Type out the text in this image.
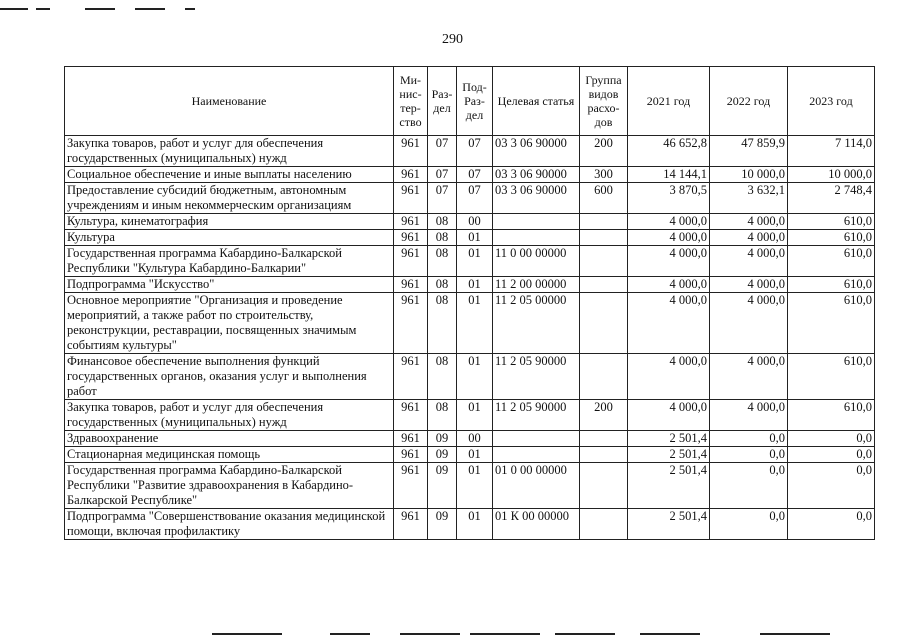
290
Наименование	Ми-нис-тер-ство	Раз-дел	Под-Раз-дел	Целевая статья	Группа видов расхо-дов	2021 год	2022 год	2023 год
Закупка товаров, работ и услуг для обеспечения государственных (муниципальных) нужд	961	07	07	03 3 06 90000	200	46 652,8	47 859,9	7 114,0
Социальное обеспечение и иные выплаты населению	961	07	07	03 3 06 90000	300	14 144,1	10 000,0	10 000,0
Предоставление субсидий бюджетным, автономным учреждениям и иным некоммерческим организациям	961	07	07	03 3 06 90000	600	3 870,5	3 632,1	2 748,4
Культура, кинематография	961	08	00			4 000,0	4 000,0	610,0
Культура	961	08	01			4 000,0	4 000,0	610,0
Государственная программа Кабардино-Балкарской Республики "Культура Кабардино-Балкарии"	961	08	01	11 0 00 00000		4 000,0	4 000,0	610,0
Подпрограмма "Искусство"	961	08	01	11 2 00 00000		4 000,0	4 000,0	610,0
Основное мероприятие "Организация и проведение мероприятий, а также работ по строительству, реконструкции, реставрации, посвященных значимым событиям культуры"	961	08	01	11 2 05 00000		4 000,0	4 000,0	610,0
Финансовое обеспечение выполнения функций государственных органов, оказания услуг и выполнения работ	961	08	01	11 2 05 90000		4 000,0	4 000,0	610,0
Закупка товаров, работ и услуг для обеспечения государственных (муниципальных) нужд	961	08	01	11 2 05 90000	200	4 000,0	4 000,0	610,0
Здравоохранение	961	09	00			2 501,4	0,0	0,0
Стационарная медицинская помощь	961	09	01			2 501,4	0,0	0,0
Государственная программа Кабардино-Балкарской Республики "Развитие здравоохранения в Кабардино-Балкарской Республике"	961	09	01	01 0 00 00000		2 501,4	0,0	0,0
Подпрограмма "Совершенствование оказания медицинской помощи, включая профилактику	961	09	01	01 К 00 00000		2 501,4	0,0	0,0
